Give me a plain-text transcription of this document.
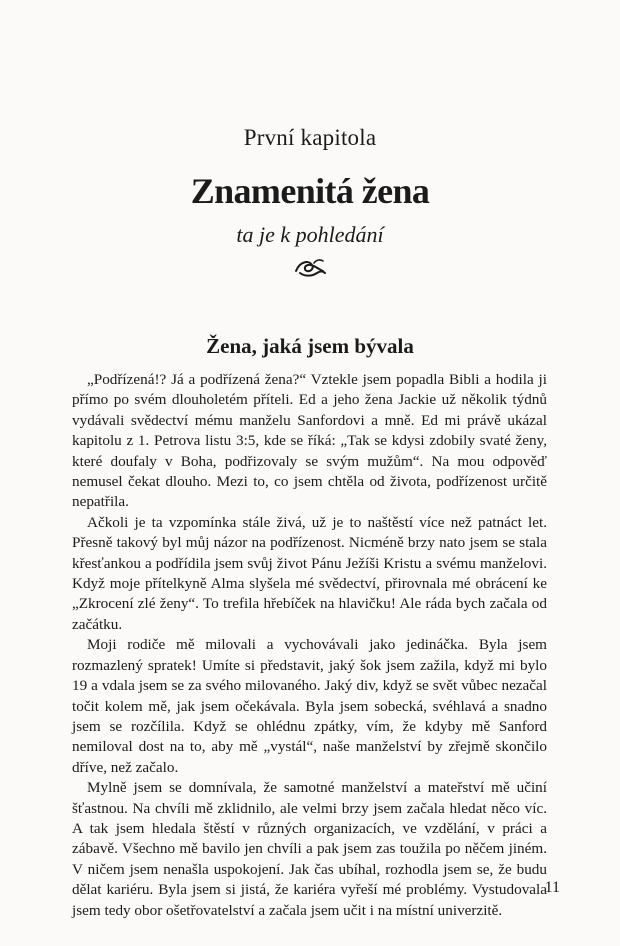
První kapitola
Znamenitá žena
ta je k pohledání
Žena, jaká jsem bývala

„Podřízená!? Já a podřízená žena?“ Vztekle jsem popadla Bibli a hodila ji přímo po svém dlouholetém příteli. Ed a jeho žena Jackie už několik týdnů vydávali svědectví mému manželu Sanfordovi a mně. Ed mi právě ukázal kapitolu z 1. Petrova listu 3:5, kde se říká: „Tak se kdysi zdobily svaté ženy, které doufaly v Boha, podřizovaly se svým mužům“. Na mou odpověď nemusel čekat dlouho. Mezi to, co jsem chtěla od života, podřízenost určitě nepatřila.

Ačkoli je ta vzpomínka stále živá, už je to naštěstí více než patnáct let. Přesně takový byl můj názor na podřízenost. Nicméně brzy nato jsem se stala křesťankou a podřídila jsem svůj život Pánu Ježíši Kristu a svému manželovi. Když moje přítelkyně Alma slyšela mé svědectví, přirovnala mé obrácení ke „Zkrocení zlé ženy“. To trefila hřebíček na hlavičku! Ale ráda bych začala od začátku.

Moji rodiče mě milovali a vychovávali jako jedináčka. Byla jsem rozmazlený spratek! Umíte si představit, jaký šok jsem zažila, když mi bylo 19 a vdala jsem se za svého milovaného. Jaký div, když se svět vůbec nezačal točit kolem mě, jak jsem očekávala. Byla jsem sobecká, svéhlavá a snadno jsem se rozčílila. Když se ohlédnu zpátky, vím, že kdyby mě Sanford nemiloval dost na to, aby mě „vystál“, naše manželství by zřejmě skončilo dříve, než začalo.

Mylně jsem se domnívala, že samotné manželství a mateřství mě učiní šťastnou. Na chvíli mě zklidnilo, ale velmi brzy jsem začala hledat něco víc. A tak jsem hledala štěstí v různých organizacích, ve vzdělání, v práci a zábavě. Všechno mě bavilo jen chvíli a pak jsem zas toužila po něčem jiném. V ničem jsem nenašla uspokojení. Jak čas ubíhal, rozhodla jsem se, že budu dělat kariéru. Byla jsem si jistá, že kariéra vyřeší mé problémy. Vystudovala jsem tedy obor ošetřovatelství a začala jsem učit i na místní univerzitě.

11
